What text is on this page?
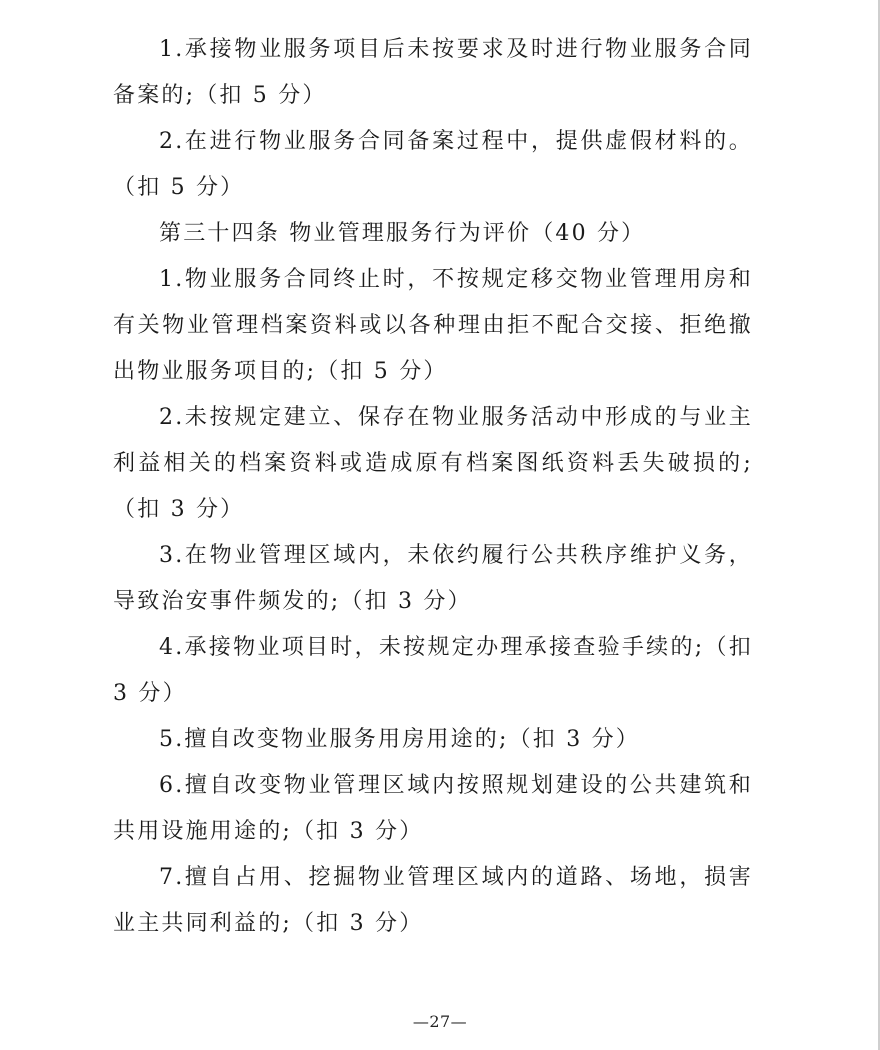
1.承接物业服务项目后未按要求及时进行物业服务合同备案的;（扣 5 分）

2.在进行物业服务合同备案过程中，提供虚假材料的。（扣 5 分）

第三十四条 物业管理服务行为评价（40 分）

1.物业服务合同终止时，不按规定移交物业管理用房和有关物业管理档案资料或以各种理由拒不配合交接、拒绝撤出物业服务项目的;（扣 5 分）

2.未按规定建立、保存在物业服务活动中形成的与业主利益相关的档案资料或造成原有档案图纸资料丢失破损的;（扣 3 分）

3.在物业管理区域内，未依约履行公共秩序维护义务，导致治安事件频发的;（扣 3 分）

4.承接物业项目时，未按规定办理承接查验手续的;（扣 3 分）

5.擅自改变物业服务用房用途的;（扣 3 分）

6.擅自改变物业管理区域内按照规划建设的公共建筑和共用设施用途的;（扣 3 分）

7.擅自占用、挖掘物业管理区域内的道路、场地，损害业主共同利益的;（扣 3 分）

—27—
